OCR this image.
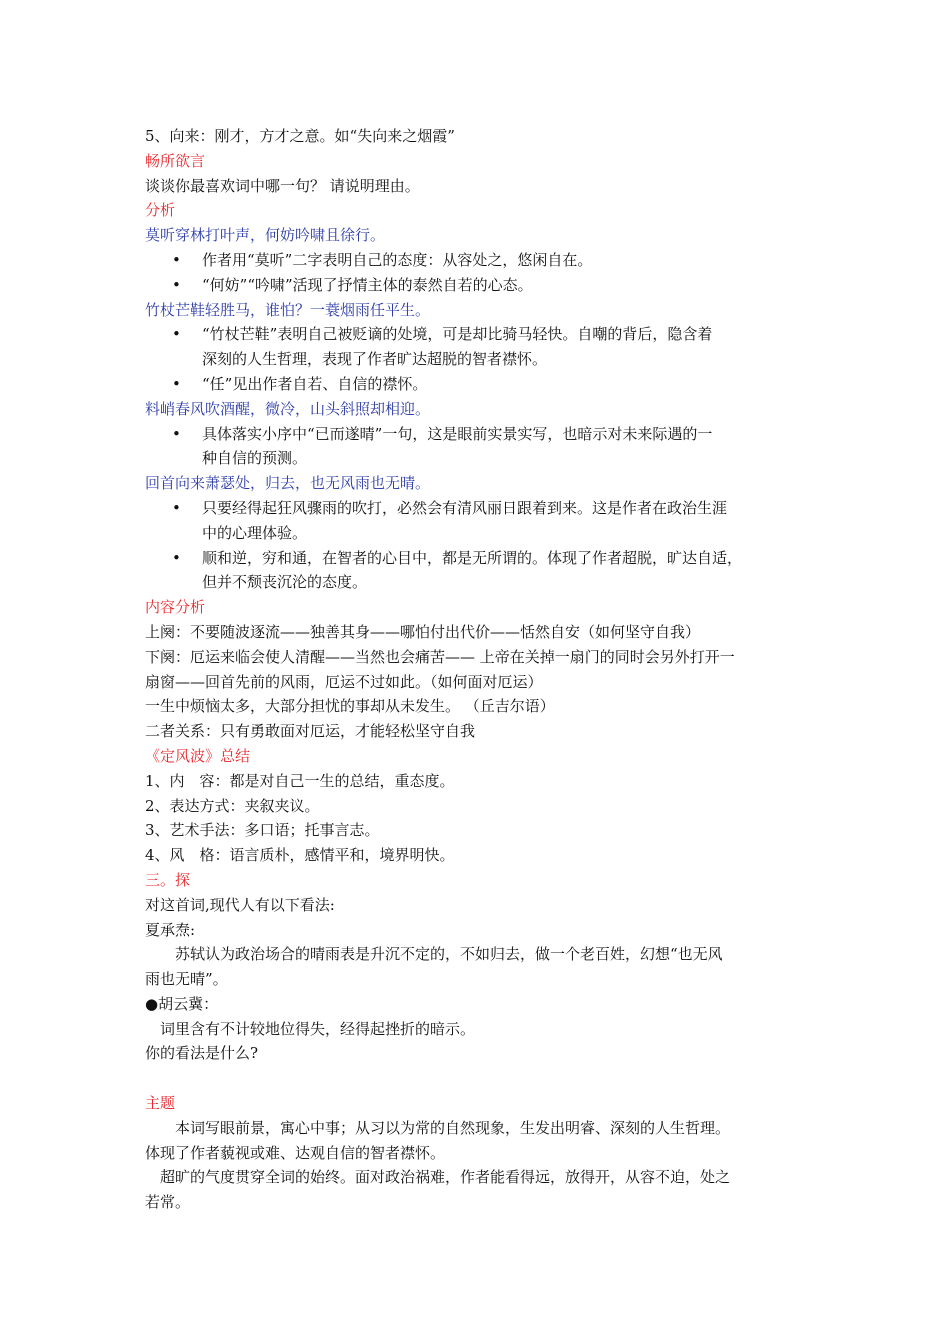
5、向来：刚才，方才之意。如“失向来之烟霞”
畅所欲言
谈谈你最喜欢词中哪一句？ 请说明理由。
分析
莫听穿林打叶声，何妨吟啸且徐行。
• 作者用“莫听”二字表明自己的态度：从容处之，悠闲自在。
• “何妨”“吟啸”活现了抒情主体的泰然自若的心态。
竹杖芒鞋轻胜马，谁怕？一蓑烟雨任平生。
• “竹杖芒鞋”表明自己被贬谪的处境，可是却比骑马轻快。自嘲的背后，隐含着
深刻的人生哲理，表现了作者旷达超脱的智者襟怀。
• “任”见出作者自若、自信的襟怀。
料峭春风吹酒醒，微冷，山头斜照却相迎。
• 具体落实小序中“已而遂晴”一句，这是眼前实景实写，也暗示对未来际遇的一
种自信的预测。
回首向来萧瑟处，归去，也无风雨也无晴。
• 只要经得起狂风骤雨的吹打，必然会有清风丽日跟着到来。这是作者在政治生涯
中的心理体验。
• 顺和逆，穷和通，在智者的心目中，都是无所谓的。体现了作者超脱，旷达自适，
但并不颓丧沉沦的态度。
内容分析
上阕：不要随波逐流——独善其身——哪怕付出代价——恬然自安（如何坚守自我）
下阕：厄运来临会使人清醒——当然也会痛苦—— 上帝在关掉一扇门的同时会另外打开一
扇窗——回首先前的风雨，厄运不过如此。（如何面对厄运）
一生中烦恼太多，大部分担忧的事却从未发生。 （丘吉尔语）
二者关系：只有勇敢面对厄运，才能轻松坚守自我
《定风波》总结
1、内　容：都是对自己一生的总结，重态度。
2、表达方式：夹叙夹议。
3、艺术手法：多口语；托事言志。
4、风　格：语言质朴，感情平和，境界明快。
三。探
对这首词,现代人有以下看法:
夏承焘:
苏轼认为政治场合的晴雨表是升沉不定的，不如归去，做一个老百姓，幻想“也无风
雨也无晴”。
●胡云冀：
词里含有不计较地位得失，经得起挫折的暗示。
你的看法是什么?
主题
本词写眼前景，寓心中事；从习以为常的自然现象，生发出明睿、深刻的人生哲理。
体现了作者藐视或难、达观自信的智者襟怀。
超旷的气度贯穿全词的始终。面对政治祸难，作者能看得远，放得开，从容不迫，处之
若常。
